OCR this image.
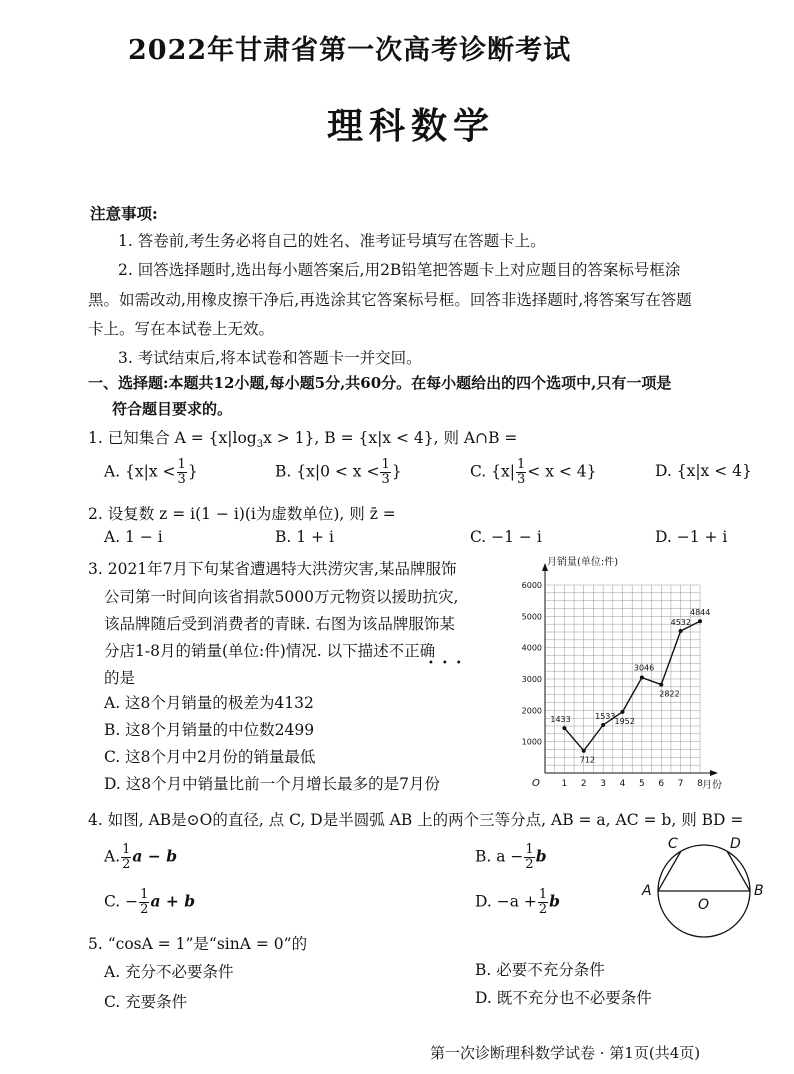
2022年甘肃省第一次高考诊断考试
理科数学
注意事项:
1. 答卷前,考生务必将自己的姓名、准考证号填写在答题卡上。
2. 回答选择题时,选出每小题答案后,用2B铅笔把答题卡上对应题目的答案标号框涂
黑。如需改动,用橡皮擦干净后,再选涂其它答案标号框。回答非选择题时,将答案写在答题
卡上。写在本试卷上无效。
3. 考试结束后,将本试卷和答题卡一并交回。
一、选择题:本题共12小题,每小题5分,共60分。在每小题给出的四个选项中,只有一项是
符合题目要求的。
1. 已知集合 $A = \{x|\log_3x > 1\}$, B = {x|x < 4}, 则 A∩B =
A. {$x|x < \frac{1}{3}$ }	B. {$x|0 < x < \frac{1}{3}$ }	C. $\{x| \frac{1}{3} < x < 4\}$	D. {x|x < 4}
2. 设复数 z = i(1 − i)(i为虚数单位), 则 z̄ =
A. 1 − i	B. 1 + i	C. −1 − i	D. −1 + i
3. 2021年7月下旬某省遭遇特大洪涝灾害,某品牌服饰
公司第一时间向该省捐款5000万元物资以援助抗灾,
该品牌随后受到消费者的青睐. 右图为该品牌服饰某
分店1-8月的销量(单位:件)情况. 以下描述不正确
•••
的是
A. 这8个月销量的极差为4132
B. 这8个月销量的中位数2499
C. 这8个月中2月份的销量最低
D. 这8个月中销量比前一个月增长最多的是7月份
月销量(单位:件)
月份
O
1000
2000
3000
4000
5000
6000
1 2 3 4 5 6 7 8
1433
712
1533
1952
3046
2822
4532
4844
4. 如图, AB是⊙O的直径, 点 C, D是半圆弧 AB 上的两个三等分点, AB = a, AC = b, 则 BD =
A. $\frac{1}{2}$ a − b	B. $a - \frac{1}{2}$ b
C. − $\frac{1}{2}$ a + b	D. $-a + \frac{1}{2}$ b
A	B
C	D
O
5. “cosA = 1”是“sinA = 0”的
A. 充分不必要条件	B. 必要不充分条件
C. 充要条件	D. 既不充分也不必要条件
第一次诊断理科数学试卷 · 第1页(共4页)
